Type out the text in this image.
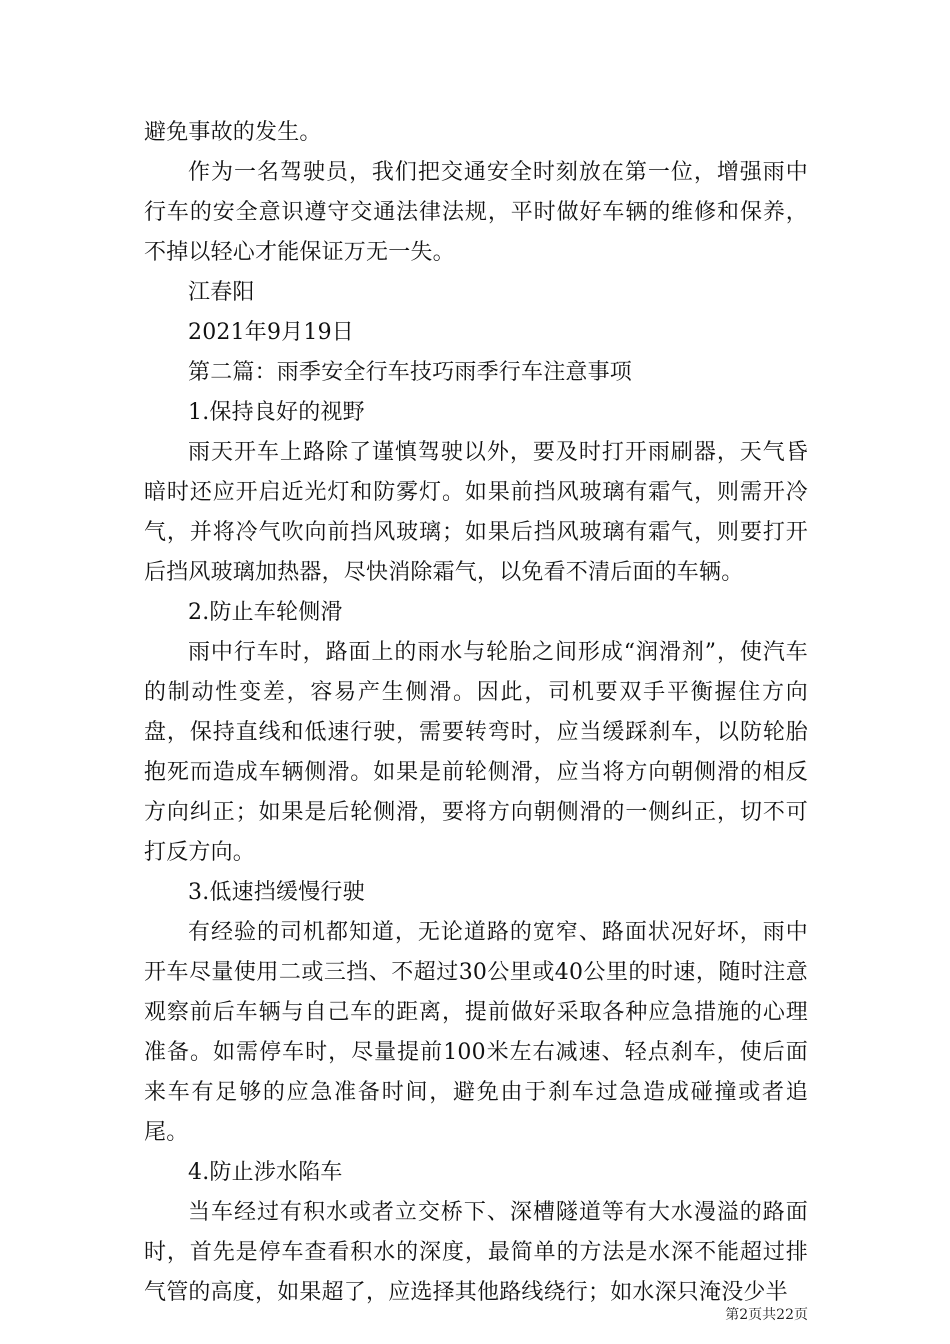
避免事故的发生。

作为一名驾驶员，我们把交通安全时刻放在第一位，增强雨中行车的安全意识遵守交通法律法规，平时做好车辆的维修和保养，不掉以轻心才能保证万无一失。

江春阳

2021年9月19日

第二篇：雨季安全行车技巧雨季行车注意事项

1.保持良好的视野

雨天开车上路除了谨慎驾驶以外，要及时打开雨刷器，天气昏暗时还应开启近光灯和防雾灯。如果前挡风玻璃有霜气，则需开冷气，并将冷气吹向前挡风玻璃；如果后挡风玻璃有霜气，则要打开后挡风玻璃加热器，尽快消除霜气，以免看不清后面的车辆。

2.防止车轮侧滑

雨中行车时，路面上的雨水与轮胎之间形成“润滑剂”，使汽车的制动性变差，容易产生侧滑。因此，司机要双手平衡握住方向盘，保持直线和低速行驶，需要转弯时，应当缓踩刹车，以防轮胎抱死而造成车辆侧滑。如果是前轮侧滑，应当将方向朝侧滑的相反方向纠正；如果是后轮侧滑，要将方向朝侧滑的一侧纠正，切不可打反方向。

3.低速挡缓慢行驶

有经验的司机都知道，无论道路的宽窄、路面状况好坏，雨中开车尽量使用二或三挡、不超过30公里或40公里的时速，随时注意观察前后车辆与自己车的距离，提前做好采取各种应急措施的心理准备。如需停车时，尽量提前100米左右减速、轻点刹车，使后面来车有足够的应急准备时间，避免由于刹车过急造成碰撞或者追尾。

4.防止涉水陷车

当车经过有积水或者立交桥下、深槽隧道等有大水漫溢的路面时，首先是停车查看积水的深度，最简单的方法是水深不能超过排气管的高度，如果超了，应选择其他路线绕行；如水深只淹没少半

第2页共22页
